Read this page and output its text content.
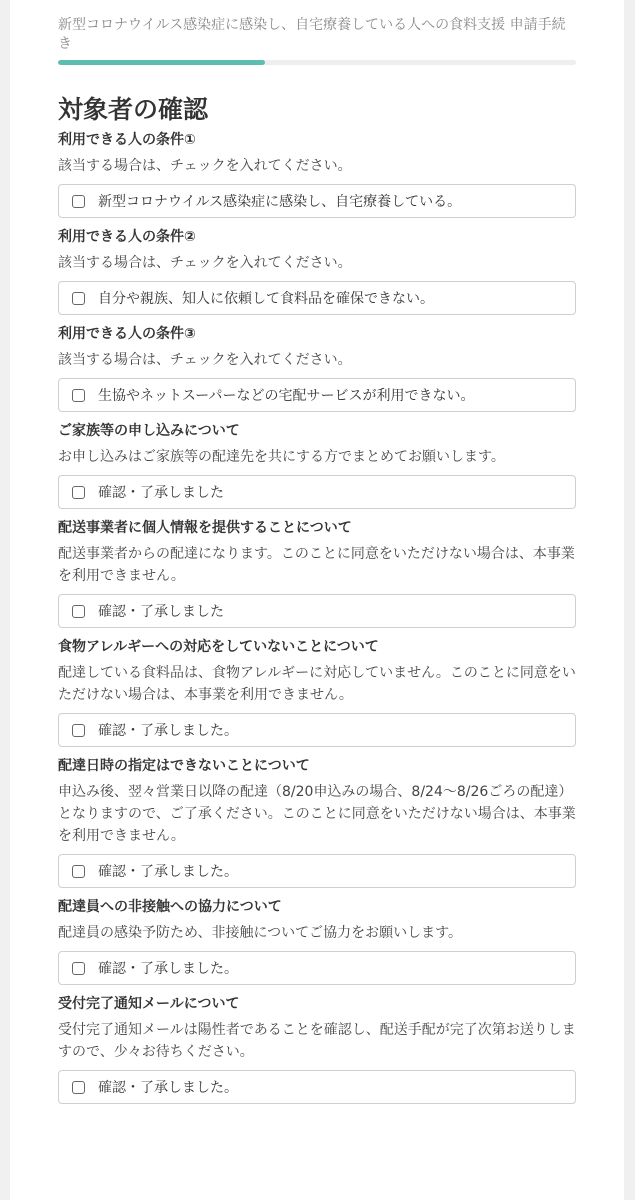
新型コロナウイルス感染症に感染し、自宅療養している人への食料支援 申請手続き
対象者の確認
利用できる人の条件①
該当する場合は、チェックを入れてください。
新型コロナウイルス感染症に感染し、自宅療養している。
利用できる人の条件②
該当する場合は、チェックを入れてください。
自分や親族、知人に依頼して食料品を確保できない。
利用できる人の条件③
該当する場合は、チェックを入れてください。
生協やネットスーパーなどの宅配サービスが利用できない。
ご家族等の申し込みについて
お申し込みはご家族等の配達先を共にする方でまとめてお願いします。
確認・了承しました
配送事業者に個人情報を提供することについて
配送事業者からの配達になります。このことに同意をいただけない場合は、本事業を利用できません。
確認・了承しました
食物アレルギーへの対応をしていないことについて
配達している食料品は、食物アレルギーに対応していません。このことに同意をいただけない場合は、本事業を利用できません。
確認・了承しました。
配達日時の指定はできないことについて
申込み後、翌々営業日以降の配達（8/20申込みの場合、8/24〜8/26ごろの配達）となりますので、ご了承ください。このことに同意をいただけない場合は、本事業を利用できません。
確認・了承しました。
配達員への非接触への協力について
配達員の感染予防ため、非接触についてご協力をお願いします。
確認・了承しました。
受付完了通知メールについて
受付完了通知メールは陽性者であることを確認し、配送手配が完了次第お送りしますので、少々お待ちください。
確認・了承しました。
